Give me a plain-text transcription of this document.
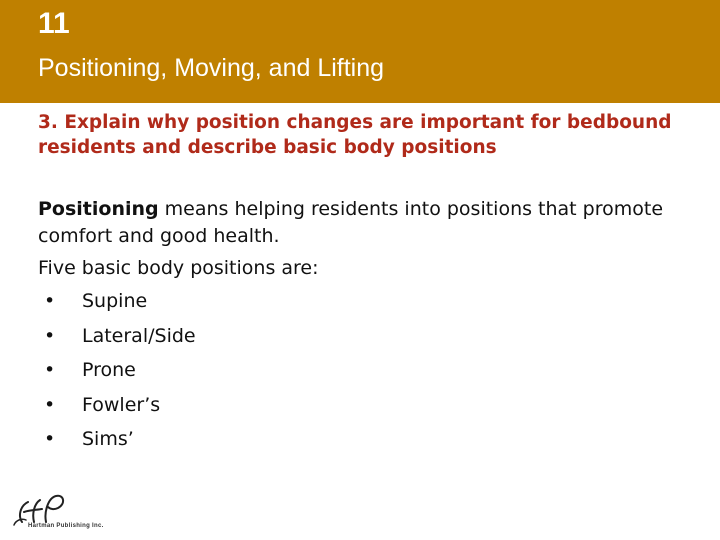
11
Positioning, Moving, and Lifting
3. Explain why position changes are important for bedbound residents and describe basic body positions
Positioning means helping residents into positions that promote comfort and good health.
Five basic body positions are:
• Supine
• Lateral/Side
• Prone
• Fowler’s
• Sims’
Hartman Publishing Inc.
